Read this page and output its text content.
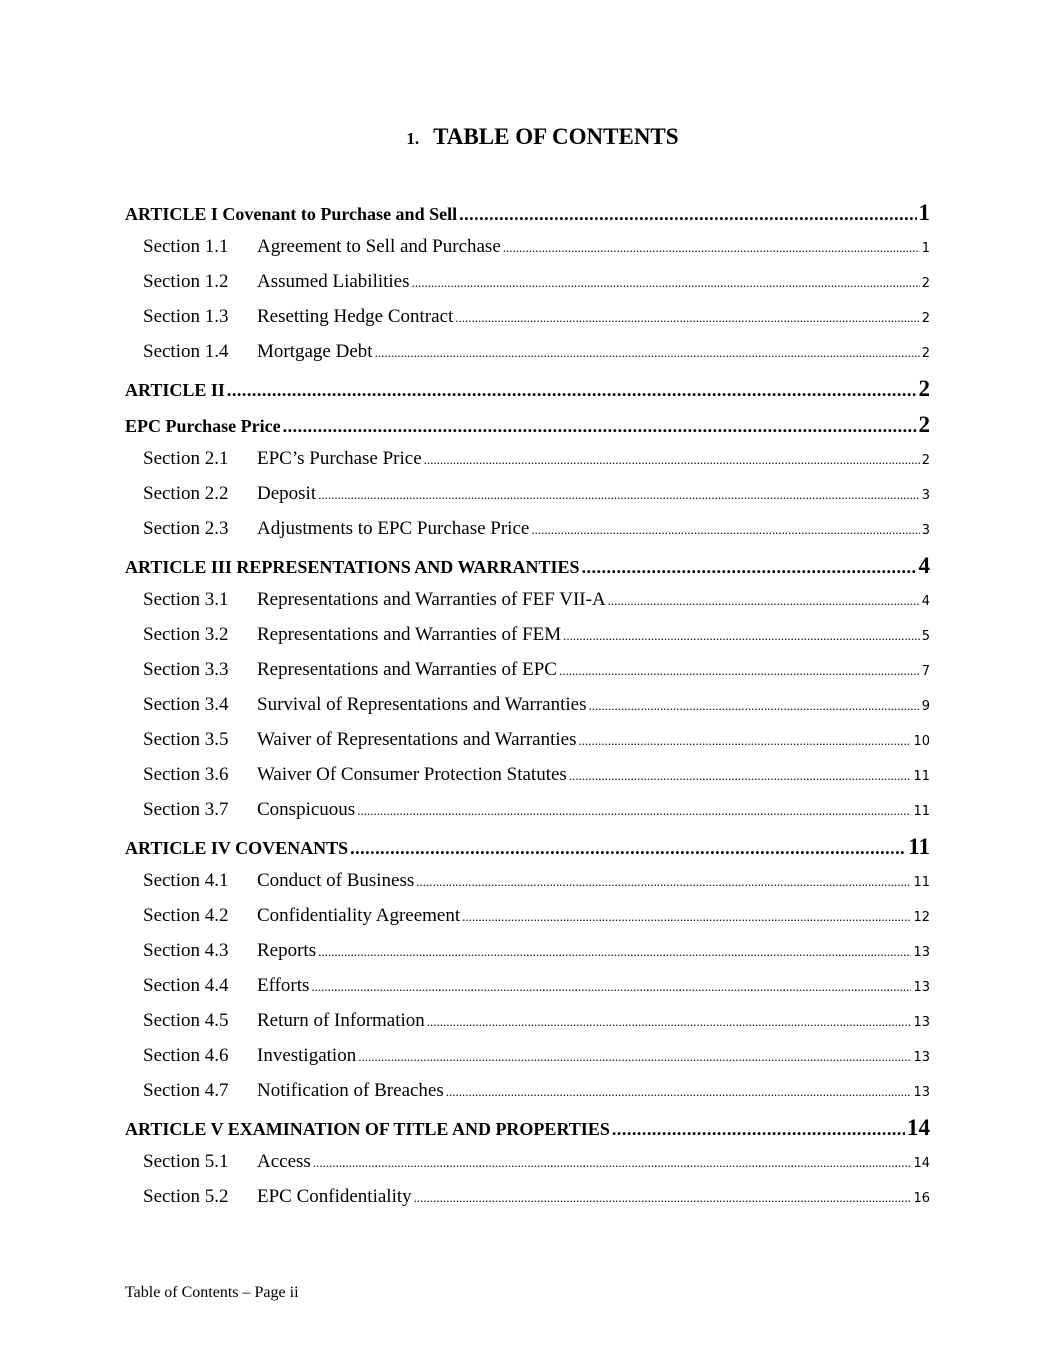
1. TABLE OF CONTENTS
ARTICLE I Covenant to Purchase and Sell .....	1
Section 1.1	Agreement to Sell and Purchase .....	1
Section 1.2	Assumed Liabilities .....	2
Section 1.3	Resetting Hedge Contract .....	2
Section 1.4	Mortgage Debt .....	2
ARTICLE II .....	2
EPC Purchase Price .....	2
Section 2.1	EPC’s Purchase Price .....	2
Section 2.2	Deposit .....	3
Section 2.3	Adjustments to EPC Purchase Price .....	3
ARTICLE III REPRESENTATIONS AND WARRANTIES .....	4
Section 3.1	Representations and Warranties of FEF VII-A .....	4
Section 3.2	Representations and Warranties of FEM .....	5
Section 3.3	Representations and Warranties of EPC .....	7
Section 3.4	Survival of Representations and Warranties .....	9
Section 3.5	Waiver of Representations and Warranties .....	10
Section 3.6	Waiver Of Consumer Protection Statutes .....	11
Section 3.7	Conspicuous .....	11
ARTICLE IV COVENANTS .....	11
Section 4.1	Conduct of Business .....	11
Section 4.2	Confidentiality Agreement .....	12
Section 4.3	Reports .....	13
Section 4.4	Efforts .....	13
Section 4.5	Return of Information .....	13
Section 4.6	Investigation .....	13
Section 4.7	Notification of Breaches .....	13
ARTICLE V EXAMINATION OF TITLE AND PROPERTIES .....	14
Section 5.1	Access .....	14
Section 5.2	EPC Confidentiality .....	16
Table of Contents – Page ii
